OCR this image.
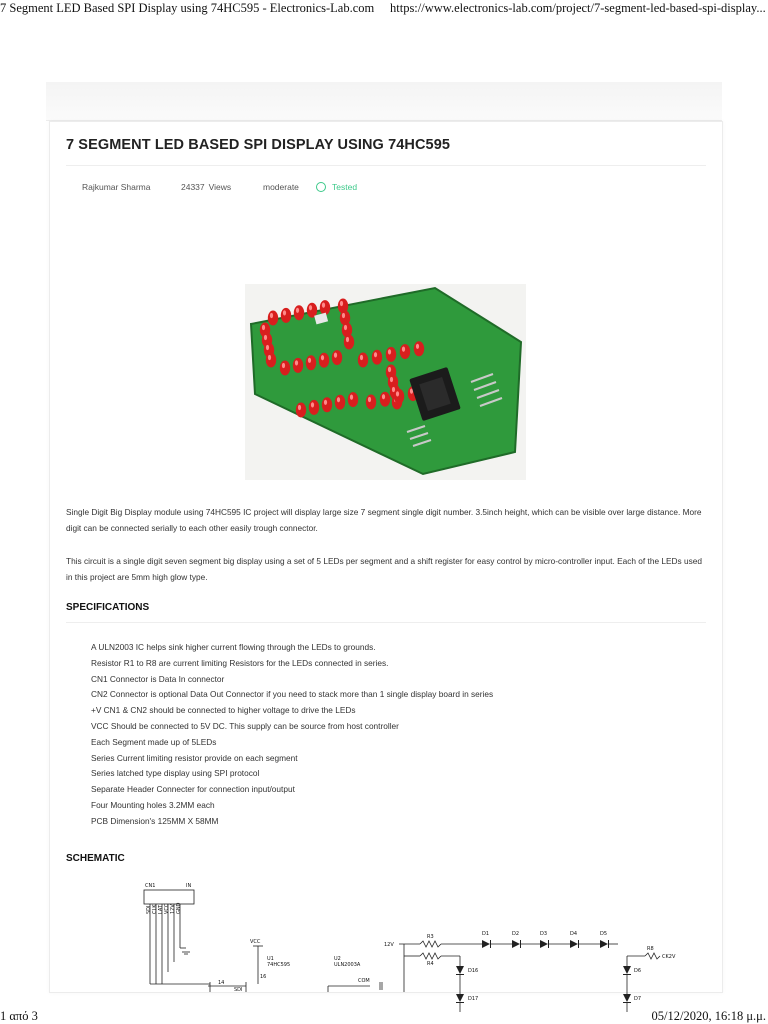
7 Segment LED Based SPI Display using 74HC595 - Electronics-Lab.com https://www.electronics-lab.com/project/7-segment-led-based-spi-display...
7 SEGMENT LED BASED SPI DISPLAY USING 74HC595
Rajkumar Sharma	24337 Views	moderate	Tested

Single Digit Big Display module using 74HC595 IC project will display large size 7 segment single digit number. 3.5inch height, which can be visible over large distance. More digit can be connected serially to each other easily trough connector.

This circuit is a single digit seven segment big display using a set of 5 LEDs per segment and a shift register for easy control by micro-controller input. Each of the LEDs used in this project are 5mm high glow type.

SPECIFICATIONS
A ULN2003 IC helps sink higher current flowing through the LEDs to grounds.
Resistor R1 to R8 are current limiting Resistors for the LEDs connected in series.
CN1 Connector is Data In connector
CN2 Connector is optional Data Out Connector if you need to stack more than 1 single display board in series
+V CN1 & CN2 should be connected to higher voltage to drive the LEDs
VCC Should be connected to 5V DC. This supply can be source from host controller
Each Segment made up of 5LEDs
Series Current limiting resistor provide on each segment
Series latched type display using SPI protocol
Separate Header Connecter for connection input/output
Four Mounting holes 3.2MM each
PCB Dimension's 125MM X 58MM
SCHEMATIC
CN1	IN
SDI CLK LAT VCC 12V GND
VCC
U1
74HC595
14
SDI
16
U2
ULN2003A
COM
12V
R3
R4
R8
CK2V
D1	D2	D3	D4	D5
D16
D17
D6
D7
1 από 3	05/12/2020, 16:18 μ.μ.
